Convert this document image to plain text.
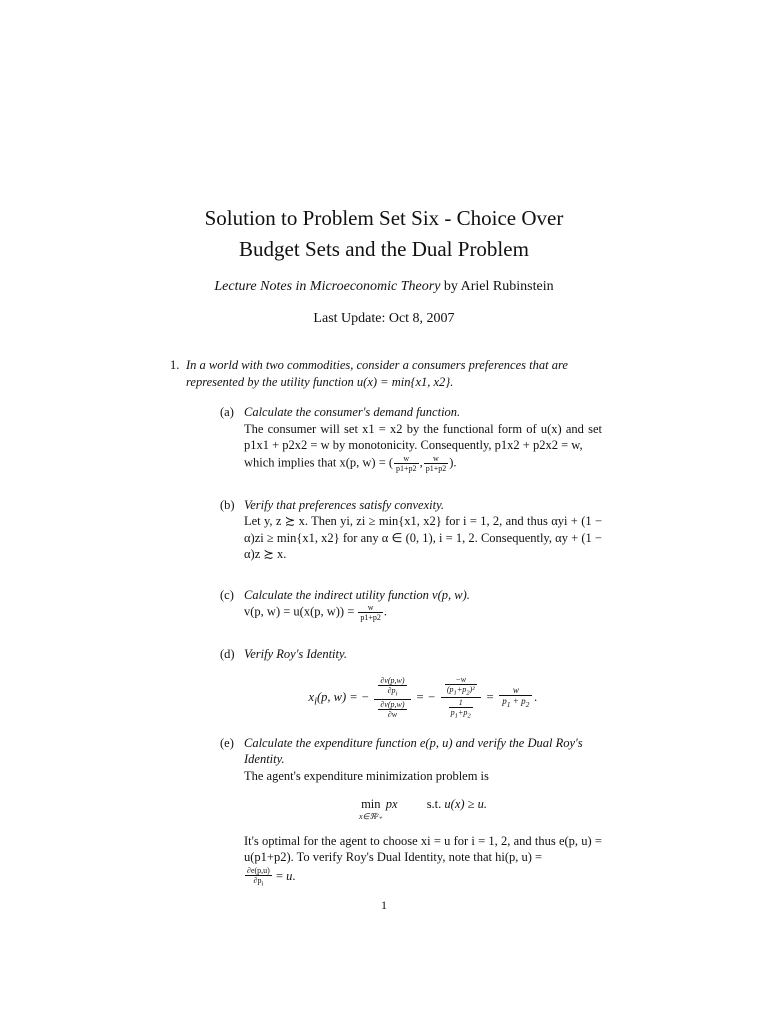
Solution to Problem Set Six - Choice Over
Budget Sets and the Dual Problem
Lecture Notes in Microeconomic Theory by Ariel Rubinstein
Last Update: Oct 8, 2007
1. In a world with two commodities, consider a consumers preferences that are represented by the utility function u(x) = min{x1, x2}.
(a) Calculate the consumer's demand function.

The consumer will set x1 = x2 by the functional form of u(x) and set p1x1 + p2x2 = w by monotonicity. Consequently, p1x2 + p2x2 = w,

which implies that x(p, w) = ( $\frac{w}{p1+p2}$ , $\frac{w}{p1+p2}$ ).

(b) Verify that preferences satisfy convexity.

Let y, z ≿ x. Then yi, zi ≥ min{x1, x2} for i = 1, 2, and thus αyi + (1 − α)zi ≥ min{x1, x2} for any α ∈ (0, 1), i = 1, 2. Consequently, αy + (1 − α)z ≿ x.

(c) Calculate the indirect utility function v(p, w).

v(p, w) = u(x(p, $w)) = \frac{w}{p1+p2}$ .

(d) Verify Roy's Identity.
$x_i(p$, w) = − $\frac{\frac{\partial v(p,w)}{\partial p_i}}{\frac{\partial v(p,w)}{\partial w}}$ = − $\frac{\frac{-w}{(p_1+p_2)^2}}{\frac{1}{p_1+p_2}} = \frac{w}{p_1 + p_2}$ .
(e) Calculate the expenditure function e(p, u) and verify the Dual Roy's Identity.

The agent's expenditure minimization problem is

min
x∈ℜ²₊
px s.t. u(x) ≥ u.

It's optimal for the agent to choose xi = u for i = 1, 2, and thus e(p, u) = u(p1+p2). To verify Roy's Dual Identity, note that hi(p, u) =

$\frac{\partial e(p,u)}{\partial p_i} = u$.

1
